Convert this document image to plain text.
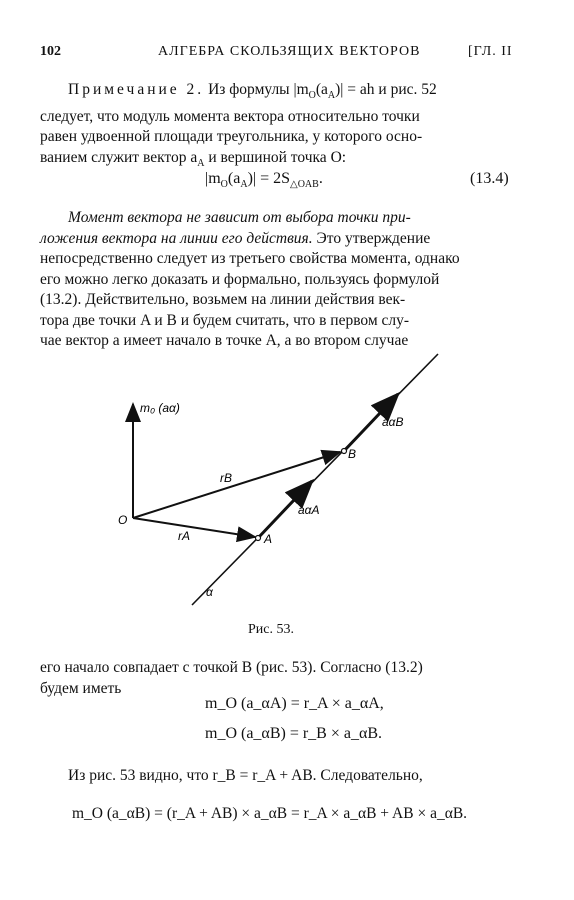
102	АЛГЕБРА СКОЛЬЗЯЩИХ ВЕКТОРОВ	[ГЛ. II
Примечание 2. Из формулы $|m_O(a_A)|$ = ah и рис. 52
следует, что модуль момента вектора относительно точки
равен удвоенной площади треугольника, у которого осно-
ванием служит вектор $a_A$ и вершиной точка O:
$|m_O(a_A)| = 2S_{\triangle OAB}$.	(13.4)
Момент вектора не зависит от выбора точки при-
ложения вектора на линии его действия. Это утверждение
непосредственно следует из третьего свойства момента, однако
его можно легко доказать и формально, пользуясь формулой
(13.2). Действительно, возьмем на линии действия век-
тора две точки A и B и будем считать, что в первом слу-
чае вектор a имеет начало в точке A, а во втором случае
m₀ (aα)
rB
B
aαB
O
aαA
rA	A
α
Рис. 53.
его начало совпадает с точкой B (рис. 53). Согласно (13.2)
будем иметь
m_O (a_αA) = r_A × a_αA,
m_O (a_αB) = r_B × a_αB.
Из рис. 53 видно, что r_B = r_A + AB. Следовательно,
m_O (a_αB) = (r_A + AB) × a_αB = r_A × a_αB + AB × a_αB.
